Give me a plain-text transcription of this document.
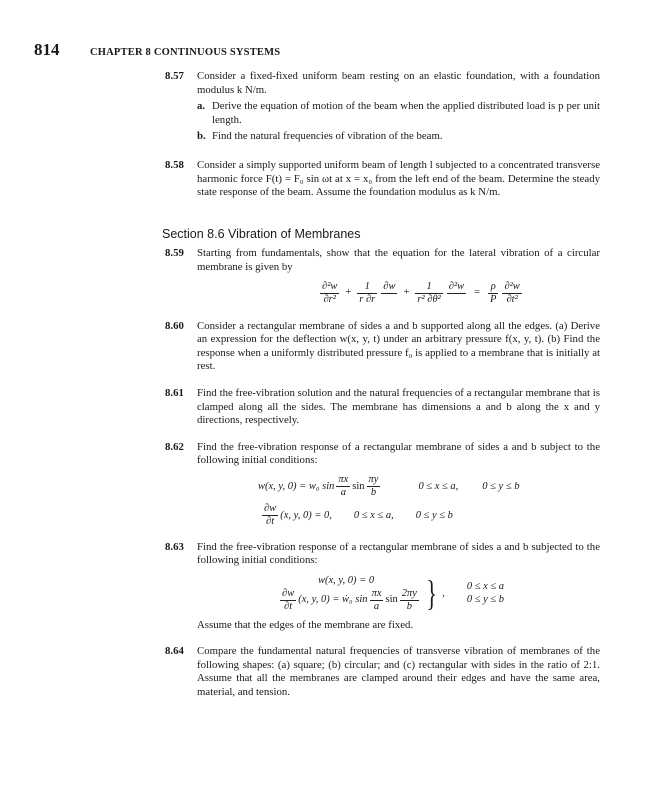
814	CHAPTER 8 CONTINUOUS SYSTEMS
8.57	Consider a fixed-fixed uniform beam resting on an elastic foundation, with a foundation modulus k N/m.
a. Derive the equation of motion of the beam when the applied distributed load is p per unit length.
b. Find the natural frequencies of vibration of the beam.
8.58	Consider a simply supported uniform beam of length l subjected to a concentrated transverse harmonic force F(t) = F₀ sin ωt at x = x₀ from the left end of the beam. Determine the steady state response of the beam. Assume the foundation modulus as k N/m.
Section 8.6 Vibration of Membranes
8.59	Starting from fundamentals, show that the equation for the lateral vibration of a circular membrane is given by
$\frac{\text{∂²w}}{\text{∂r²}} + \frac{1}{r \partial r} \partial w$
+ $\frac{1}{\text{r² ∂θ²}} \partial^2w$
= $\frac{\rho}{P} \frac{\text{∂²w}}{\text{∂t²}}$
8.60	Consider a rectangular membrane of sides a and b supported along all the edges. (a) Derive an expression for the deflection w(x, y, t) under an arbitrary pressure f(x, y, t). (b) Find the response when a uniformly distributed pressure f₀ is applied to a membrane that is initially at rest.
8.61	Find the free-vibration solution and the natural frequencies of a rectangular membrane that is clamped along all the sides. The membrane has dimensions a and b along the x and y directions, respectively.
8.62	Find the free-vibration response of a rectangular membrane of sides a and b subject to the following initial conditions:
w(x, y, 0) = w₀ $\sin \frac{\pi x}{a}$ $\sin \frac{\pi y}{b}$	0 ≤ x ≤ a, 0 ≤ y ≤ b
$\frac{\partial w}{\partial t} (x$, y, 0) = 0, 0 ≤ x ≤ a, 0 ≤ y ≤ b
8.63	Find the free-vibration response of a rectangular membrane of sides a and b subjected to the following initial conditions:
w(x, y, 0) = 0
$\frac{\partial w}{\partial t} (x$, y, 0) = ẇ₀ $\sin \frac{\pi x}{a}$ $\sin \frac{2\pi y}{b}$ } ,
0 ≤ x ≤ a
0 ≤ y ≤ b
Assume that the edges of the membrane are fixed.
8.64	Compare the fundamental natural frequencies of transverse vibration of membranes of the following shapes: (a) square; (b) circular; and (c) rectangular with sides in the ratio of 2:1. Assume that all the membranes are clamped around their edges and have the same area, material, and tension.
